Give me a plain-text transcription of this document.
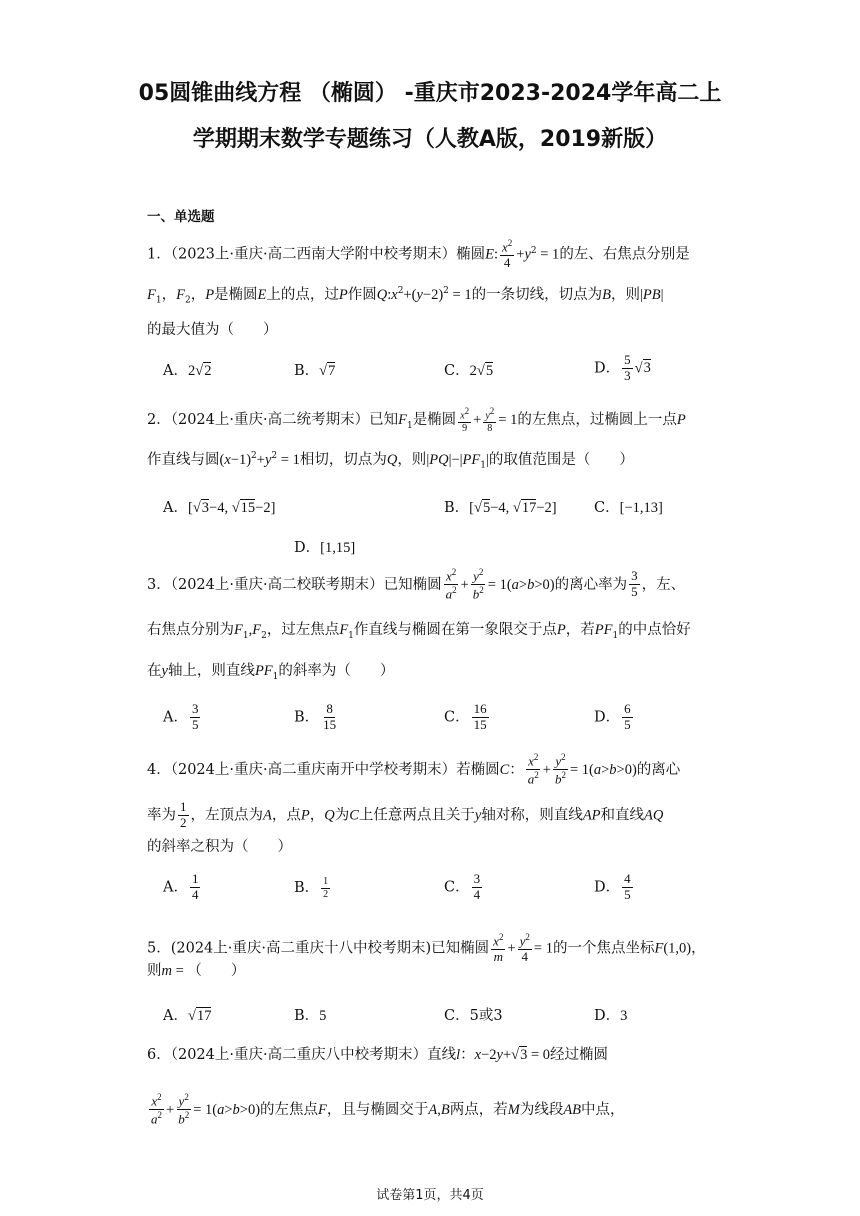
05圆锥曲线方程 （椭圆） -重庆市2023-2024学年高二上
学期期末数学专题练习（人教A版，2019新版）
一、单选题
1．（2023上·重庆·高二西南大学附中校考期末）椭圆E: $\frac{x^2}{4} +y^2 = 1$的左、右焦点分别是
$F_1$，$F_2$，P是椭圆E上的点，过P作圆$Q:x^2+(y-2)^2 = 1$的一条切线，切点为B，则|PB|
的最大值为（　　）
A．2√2	B．√7	C．2√5	D． $\frac{5}{3} √3$
2．（2024上·重庆·高二统考期末）已知$F_1$是椭圆 $\frac{x^2}{9} + \frac{y^2}{8} = 1$的左焦点，过椭圆上一点P
作直线与圆$(x-1)^2+y^2 = 1$相切，切点为Q，则$|PQ|-|PF_1|$的取值范围是（　　）
A．[√3−4, √15−2]	B．[√5−4, √17−2]	C．[−1,13]
D．[1,15]
3．（2024上·重庆·高二校联考期末）已知椭圆 $\frac{x^2}{a^2} + \frac{y^2}{b^2} = 1(a>b>0)$的离心率为 $\frac{3}{5}$ ，左、
右焦点分别为$F_1,F_2$，过左焦点$F_1$作直线与椭圆在第一象限交于点P，若$PF_1$的中点恰好
在y轴上，则直线$PF_1$的斜率为（　　）
A． $\frac{3}{5}$	B． $\frac{8}{15}$	C． $\frac{16}{15}$	D． $\frac{6}{5}$
4．（2024上·重庆·高二重庆南开中学校考期末）若椭圆C： $\frac{x^2}{a^2} + \frac{y^2}{b^2} = 1(a>b>0)$的离心
率为 $\frac{1}{2}$ ，左顶点为A，点P，Q为C上任意两点且关于y轴对称，则直线AP和直线AQ
的斜率之积为（　　）
A． $\frac{1}{4}$	B． $\frac{1}{2}$	C． $\frac{3}{4}$	D． $\frac{4}{5}$
5．(2024上·重庆·高二重庆十八中校考期末)已知椭圆 $\frac{x^2}{m} + \frac{y^2}{4} = 1$的一个焦点坐标F(1,0)，
则m = （　　）
A．√17	B．5	C．5或3	D．3
6．（2024上·重庆·高二重庆八中校考期末）直线l：x−2y+√3 = 0经过椭圆
$\frac{x^2}{a^2} + \frac{y^2}{b^2} = 1(a>b>0)$的左焦点F，且与椭圆交于A,B两点，若M为线段AB中点，
试卷第1页，共4页
